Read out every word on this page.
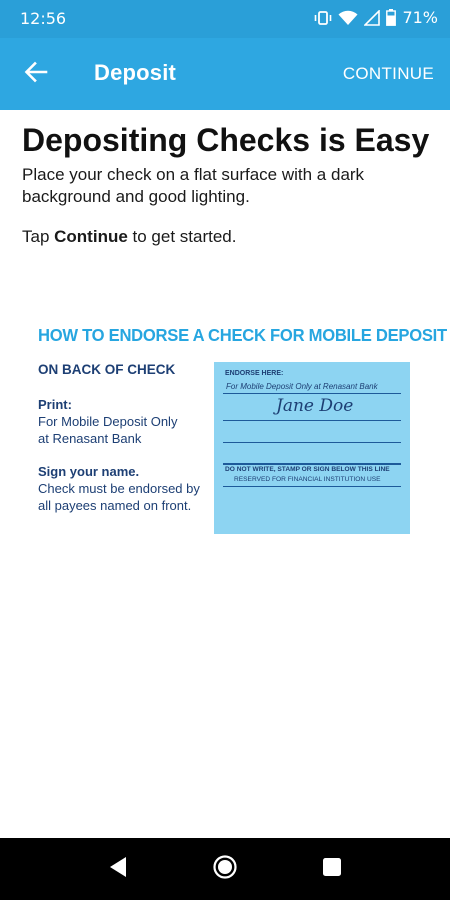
12:56	71%
Deposit	CONTINUE
Depositing Checks is Easy
Place your check on a flat surface with a dark background and good lighting.
Tap Continue to get started.
HOW TO ENDORSE A CHECK FOR MOBILE DEPOSIT
ON BACK OF CHECK
Print:
For Mobile Deposit Only
at Renasant Bank
Sign your name.
Check must be endorsed by
all payees named on front.
ENDORSE HERE:
For Mobile Deposit Only at Renasant Bank
Jane Doe
DO NOT WRITE, STAMP OR SIGN BELOW THIS LINE
RESERVED FOR FINANCIAL INSTITUTION USE
